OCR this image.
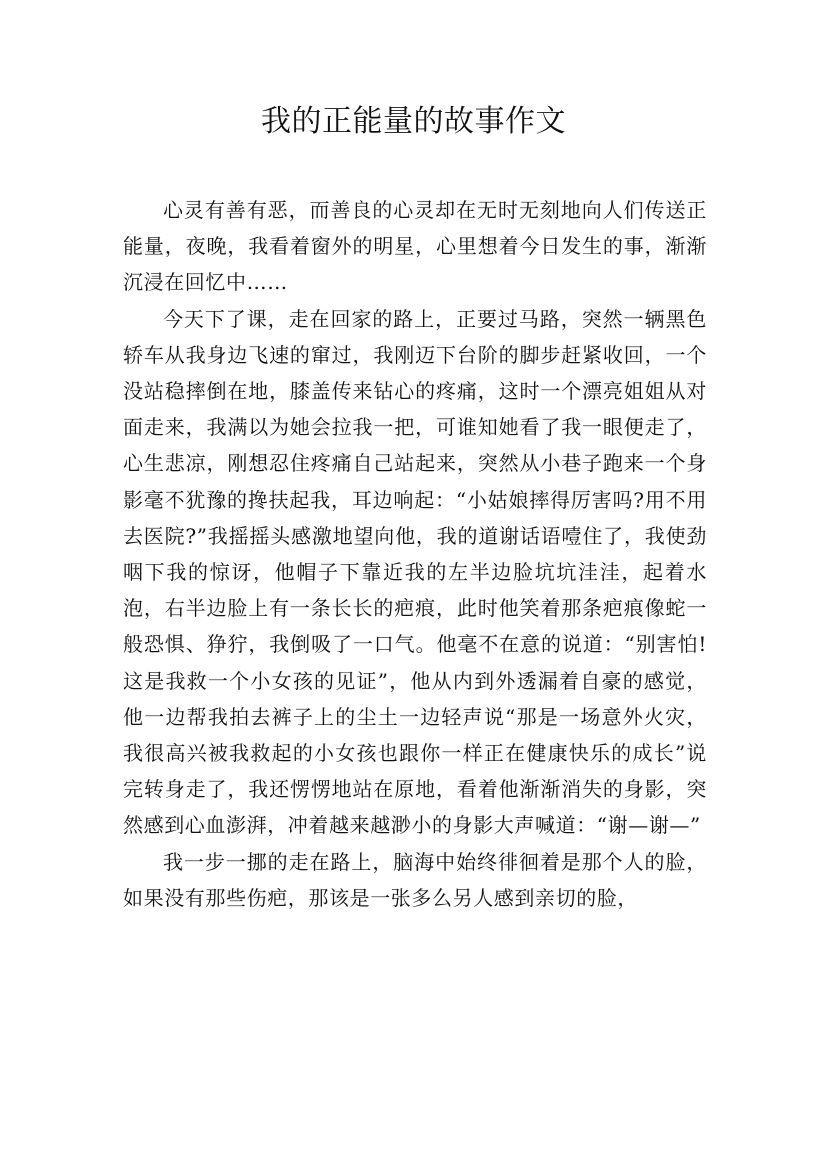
我的正能量的故事作文

心灵有善有恶，而善良的心灵却在无时无刻地向人们传送正能量，夜晚，我看着窗外的明星，心里想着今日发生的事，渐渐沉浸在回忆中……

今天下了课，走在回家的路上，正要过马路，突然一辆黑色轿车从我身边飞速的窜过，我刚迈下台阶的脚步赶紧收回，一个没站稳摔倒在地，膝盖传来钻心的疼痛，这时一个漂亮姐姐从对面走来，我满以为她会拉我一把，可谁知她看了我一眼便走了，心生悲凉，刚想忍住疼痛自己站起来，突然从小巷子跑来一个身影毫不犹豫的搀扶起我，耳边响起：“小姑娘摔得厉害吗?用不用去医院?”我摇摇头感激地望向他，我的道谢话语噎住了，我使劲咽下我的惊讶，他帽子下靠近我的左半边脸坑坑洼洼，起着水泡，右半边脸上有一条长长的疤痕，此时他笑着那条疤痕像蛇一般恐惧、狰狞，我倒吸了一口气。他毫不在意的说道：“别害怕!这是我救一个小女孩的见证”，他从内到外透漏着自豪的感觉，他一边帮我拍去裤子上的尘土一边轻声说“那是一场意外火灾，我很高兴被我救起的小女孩也跟你一样正在健康快乐的成长”说完转身走了，我还愣愣地站在原地，看着他渐渐消失的身影，突然感到心血澎湃，冲着越来越渺小的身影大声喊道：“谢—谢—”

我一步一挪的走在路上，脑海中始终徘徊着是那个人的脸，如果没有那些伤疤，那该是一张多么另人感到亲切的脸，
